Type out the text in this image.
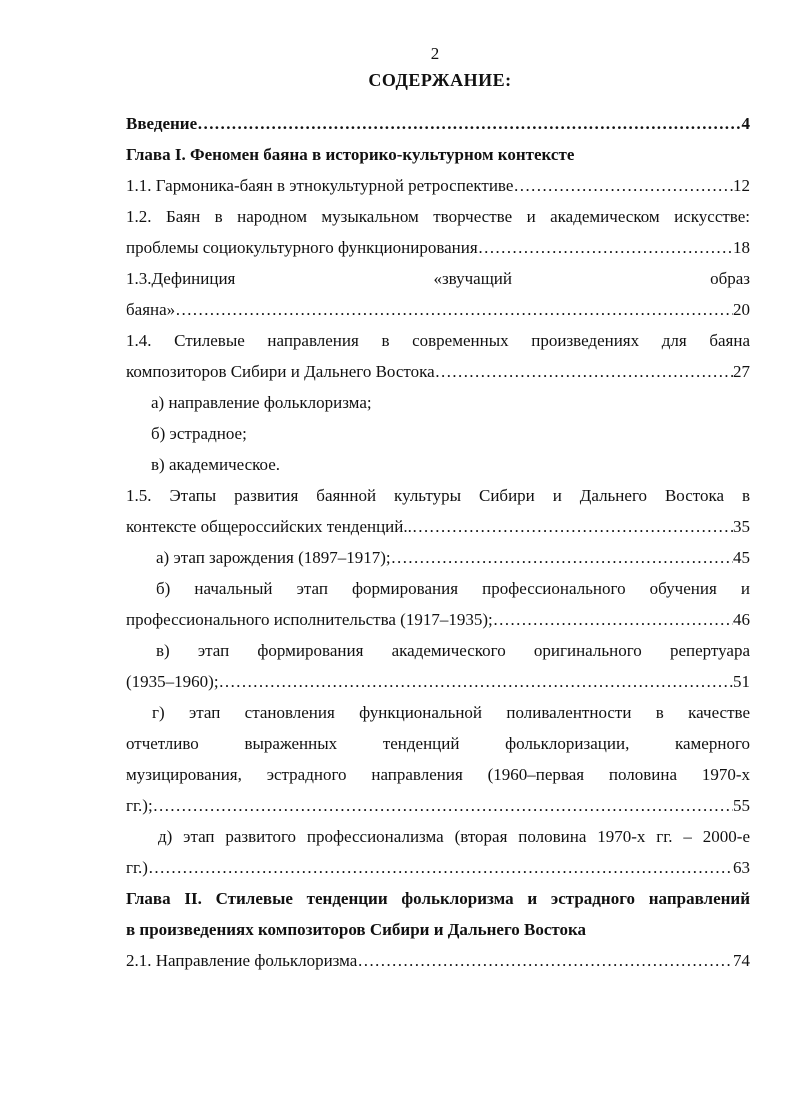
2
СОДЕРЖАНИЕ:
Введение ……………………………………………………………………………………………………………………………………………………………………………………………	4
Глава I. Феномен баяна в историко-культурном контексте
1.1. Гармоника-баян в этнокультурной ретроспективе ……………………………………………………………………………………………………………………………………………………………………………………………	12
1.2. Баян в народном музыкальном творчестве и академическом искусстве:
проблемы социокультурного функционирования ……………………………………………………………………………………………………………………………………………………………………………………………	18
1.3.Дефиниция	«звучащий	образ
баяна» ……………………………………………………………………………………………………………………………………………………………………………………………	20
1.4. Стилевые направления в современных произведениях для баяна
композиторов Сибири и Дальнего Востока ……………………………………………………………………………………………………………………………………………………………………………………………	27
а) направление фольклоризма;
б) эстрадное;
в) академическое.
1.5. Этапы развития баянной культуры Сибири и Дальнего Востока в
контексте общероссийских тенденций.. ……………………………………………………………………………………………………………………………………………………………………………………………	35
а) этап зарождения (1897–1917); ……………………………………………………………………………………………………………………………………………………………………………………………	45
б) начальный этап формирования профессионального обучения и
профессионального исполнительства (1917–1935); ……………………………………………………………………………………………………………………………………………………………………………………………	46
в) этап формирования академического оригинального репертуара
(1935–1960); ……………………………………………………………………………………………………………………………………………………………………………………………	51
г) этап становления функциональной поливалентности в качестве
отчетливо выраженных тенденций фольклоризации, камерного
музицирования, эстрадного направления (1960–первая половина 1970-х
гг.); ……………………………………………………………………………………………………………………………………………………………………………………………	55
д) этап развитого профессионализма (вторая половина 1970-х гг. – 2000-е
гг.) ……………………………………………………………………………………………………………………………………………………………………………………………	63
Глава II. Стилевые тенденции фольклоризма и эстрадного направлений
в произведениях композиторов Сибири и Дальнего Востока
2.1. Направление фольклоризма ……………………………………………………………………………………………………………………………………………………………………………………………	74
